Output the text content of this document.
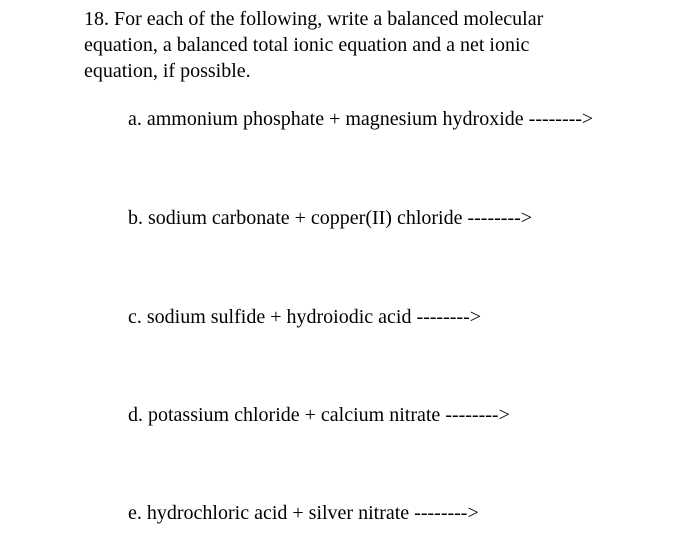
18. For each of the following, write a balanced molecular equation, a balanced total ionic equation and a net ionic equation, if possible.

a. ammonium phosphate + magnesium hydroxide -------->

b. sodium carbonate + copper(II) chloride -------->

c. sodium sulfide + hydroiodic acid -------->

d. potassium chloride + calcium nitrate -------->

e. hydrochloric acid + silver nitrate -------->
